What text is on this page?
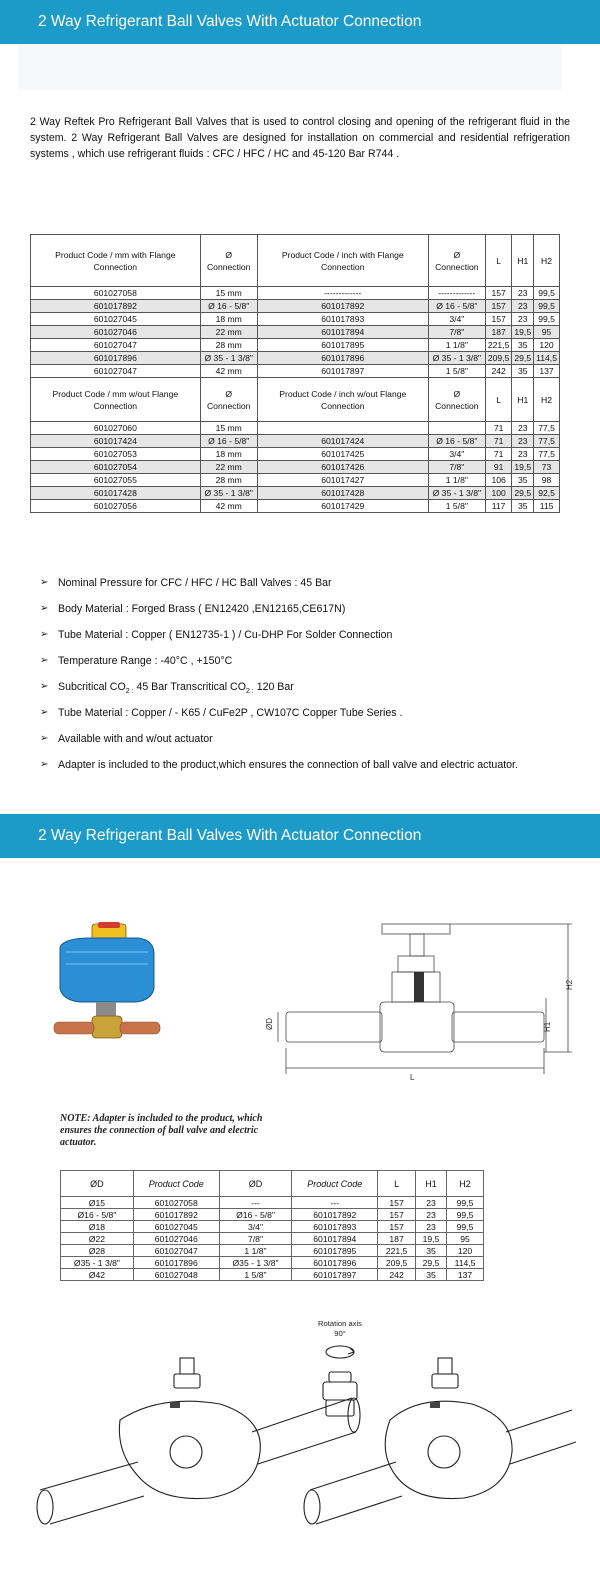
2 Way Refrigerant Ball Valves With Actuator Connection

2 Way Reftek Pro Refrigerant Ball Valves that is used to control closing and opening of the refrigerant fluid in the system. 2 Way Refrigerant Ball Valves are designed for installation on commercial and residential refrigeration systems , which use refrigerant fluids : CFC / HFC / HC and 45-120 Bar R744 .

Product Code / mm with Flange Connection	Ø Connection	Product Code / inch with Flange Connection	Ø Connection	L	H1	H2
601027058	15 mm	-------------	-------------	157	23	99,5
601017892	Ø 16 - 5/8"	601017892	Ø 16 - 5/8"	157	23	99,5
601027045	18 mm	601017893	3/4"	157	23	99,5
601027046	22 mm	601017894	7/8"	187	19,5	95
601027047	28 mm	601017895	1 1/8"	221,5	35	120
601017896	Ø 35 - 1 3/8"	601017896	Ø 35 - 1 3/8"	209,5	29,5	114,5
601027047	42 mm	601017897	1 5/8"	242	35	137
Product Code / mm w/out Flange Connection	Ø Connection	Product Code / inch w/out Flange Connection	Ø Connection	L	H1	H2
601027060	15 mm			71	23	77,5
601017424	Ø 16 - 5/8"	601017424	Ø 16 - 5/8"	71	23	77,5
601027053	18 mm	601017425	3/4"	71	23	77,5
601027054	22 mm	601017426	7/8"	91	19,5	73
601027055	28 mm	601017427	1 1/8"	106	35	98
601017428	Ø 35 - 1 3/8"	601017428	Ø 35 - 1 3/8"	100	29,5	92,5
601027056	42 mm	601017429	1 5/8"	117	35	115
➢ Nominal Pressure for CFC / HFC / HC Ball Valves : 45 Bar
➢ Body Material : Forged Brass ( EN12420 ,EN12165,CE617N)
➢ Tube Material : Copper ( EN12735-1 ) / Cu-DHP For Solder Connection
➢ Temperature Range : -40°C , +150°C
➢ Subcritical $CO_{2 :}$ 45 Bar Transcritical $CO_{2 :}$ 120 Bar
➢ Tube Material : Copper / - K65 / CuFe2P , CW107C Copper Tube Series .
➢ Available with and w/out actuator
➢ Adapter is included to the product,which ensures the connection of ball valve and electric actuator.
2 Way Refrigerant Ball Valves With Actuator Connection
ØD	H1
H2
L

NOTE: Adapter is included to the product, which ensures the connection of ball valve and electric actuator.

ØD	Product Code	ØD	Product Code	L	H1	H2
Ø15	601027058	---	---	157	23	99,5
Ø16 - 5/8"	601017892	Ø16 - 5/8"	601017892	157	23	99,5
Ø18	601027045	3/4"	601017893	157	23	99,5
Ø22	601027046	7/8"	601017894	187	19,5	95
Ø28	601027047	1 1/8"	601017895	221,5	35	120
Ø35 - 1 3/8"	601017896	Ø35 - 1 3/8"	601017896	209,5	29,5	114,5
Ø42	601027048	1 5/8"	601017897	242	35	137
Rotation axis
90°
